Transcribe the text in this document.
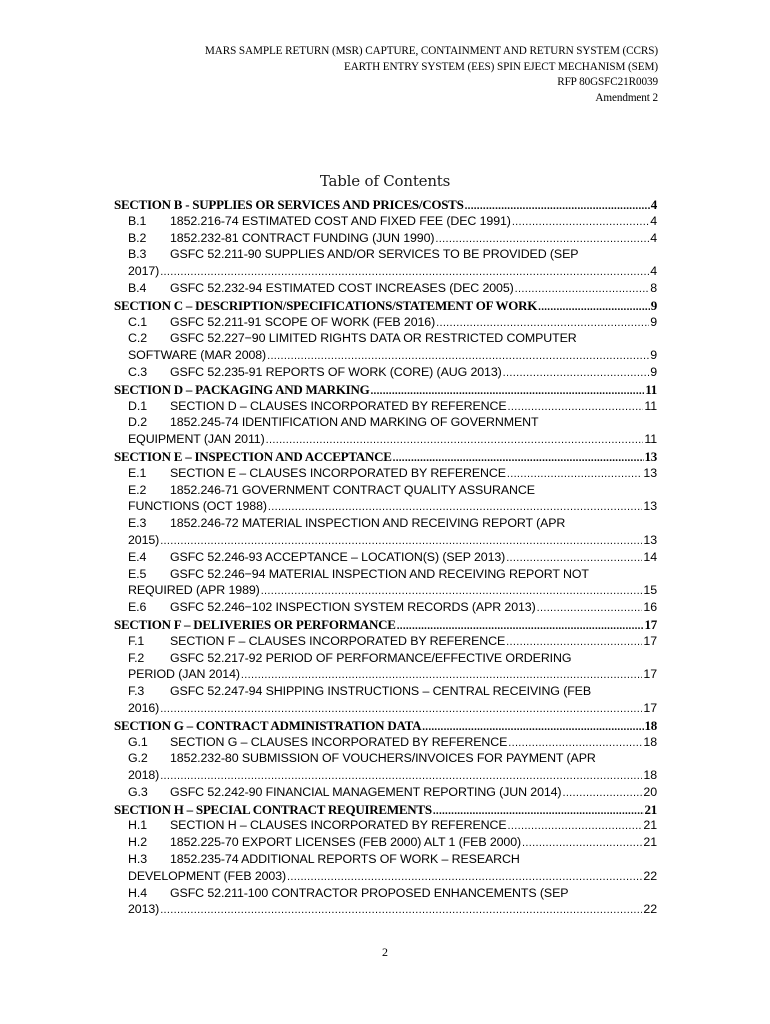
MARS SAMPLE RETURN (MSR) CAPTURE, CONTAINMENT AND RETURN SYSTEM (CCRS)
EARTH ENTRY SYSTEM (EES) SPIN EJECT MECHANISM (SEM)
RFP 80GSFC21R0039
Amendment 2
Table of Contents
SECTION B - SUPPLIES OR SERVICES AND PRICES/COSTS .....	4
B.1	1852.216-74 ESTIMATED COST AND FIXED FEE (DEC 1991) .....	4
B.2	1852.232-81 CONTRACT FUNDING (JUN 1990) .....	4
B.3	GSFC 52.211-90 SUPPLIES AND/OR SERVICES TO BE PROVIDED (SEP
2017) .....	4
B.4	GSFC 52.232-94 ESTIMATED COST INCREASES (DEC 2005) .....	8
SECTION C – DESCRIPTION/SPECIFICATIONS/STATEMENT OF WORK .....	9
C.1	GSFC 52.211-91 SCOPE OF WORK (FEB 2016) .....	9
C.2	GSFC 52.227−90 LIMITED RIGHTS DATA OR RESTRICTED COMPUTER
SOFTWARE (MAR 2008) .....	9
C.3	GSFC 52.235-91 REPORTS OF WORK (CORE) (AUG 2013) .....	9
SECTION D – PACKAGING AND MARKING .....	11
D.1	SECTION D – CLAUSES INCORPORATED BY REFERENCE .....	11
D.2	1852.245-74 IDENTIFICATION AND MARKING OF GOVERNMENT
EQUIPMENT (JAN 2011) .....	11
SECTION E – INSPECTION AND ACCEPTANCE .....	13
E.1	SECTION E – CLAUSES INCORPORATED BY REFERENCE .....	13
E.2	1852.246-71 GOVERNMENT CONTRACT QUALITY ASSURANCE
FUNCTIONS (OCT 1988) .....	13
E.3	1852.246-72 MATERIAL INSPECTION AND RECEIVING REPORT (APR
2015) .....	13
E.4	GSFC 52.246-93 ACCEPTANCE – LOCATION(S) (SEP 2013) .....	14
E.5	GSFC 52.246−94 MATERIAL INSPECTION AND RECEIVING REPORT NOT
REQUIRED (APR 1989) .....	15
E.6	GSFC 52.246−102 INSPECTION SYSTEM RECORDS (APR 2013) .....	16
SECTION F – DELIVERIES OR PERFORMANCE .....	17
F.1	SECTION F – CLAUSES INCORPORATED BY REFERENCE .....	17
F.2	GSFC 52.217-92 PERIOD OF PERFORMANCE/EFFECTIVE ORDERING
PERIOD (JAN 2014) .....	17
F.3	GSFC 52.247-94 SHIPPING INSTRUCTIONS – CENTRAL RECEIVING (FEB
2016) .....	17
SECTION G – CONTRACT ADMINISTRATION DATA .....	18
G.1	SECTION G – CLAUSES INCORPORATED BY REFERENCE .....	18
G.2	1852.232-80 SUBMISSION OF VOUCHERS/INVOICES FOR PAYMENT (APR
2018) .....	18
G.3	GSFC 52.242-90 FINANCIAL MANAGEMENT REPORTING (JUN 2014) .....	20
SECTION H – SPECIAL CONTRACT REQUIREMENTS .....	21
H.1	SECTION H – CLAUSES INCORPORATED BY REFERENCE .....	21
H.2	1852.225-70 EXPORT LICENSES (FEB 2000) ALT 1 (FEB 2000) .....	21
H.3	1852.235-74 ADDITIONAL REPORTS OF WORK – RESEARCH
DEVELOPMENT (FEB 2003) .....	22
H.4	GSFC 52.211-100 CONTRACTOR PROPOSED ENHANCEMENTS (SEP
2013) .....	22
2
